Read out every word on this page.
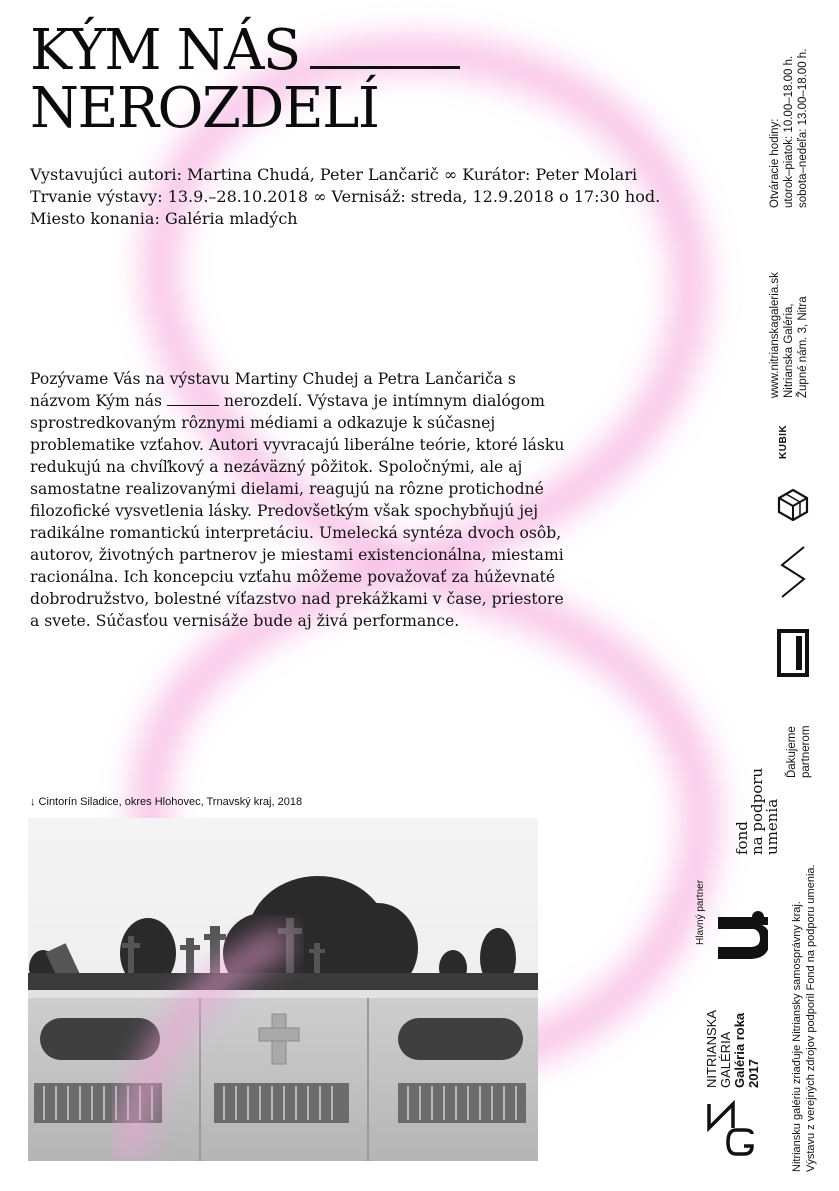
KÝM NÁS
NEROZDELÍ
Vystavujúci autori: Martina Chudá, Peter Lančarič ∞ Kurátor: Peter Molari
Trvanie výstavy: 13.9.–28.10.2018 ∞ Vernisáž: streda, 12.9.2018 o 17:30 hod.
Miesto konania: Galéria mladých

Pozývame Vás na výstavu Martiny Chudej a Petra Lančariča s názvom Kým nás	nerozdelí. Výstava je intímnym dialógom sprostredkovaným rôznymi médiami a odkazuje k súčasnej problematike vzťahov. Autori vyvracajú liberálne teórie, ktoré lásku redukujú na chvíľkový a nezáväzný pôžitok. Spoločnými, ale aj samostatne realizovanými dielami, reagujú na rôzne protichodné filozofické vysvetlenia lásky. Predovšetkým však spochybňujú jej radikálne romantickú interpretáciu. Umelecká syntéza dvoch osôb, autorov, životných partnerov je miestami existencionálna, miestami racionálna. Ich koncepciu vzťahu môžeme považovať za húževnaté dobrodružstvo, bolestné víťazstvo nad prekážkami v čase, priestore a svete. Súčasťou vernisáže bude aj živá performance.

↓ Cintorín Siladice, okres Hlohovec, Trnavský kraj, 2018
Otváracie hodiny: utorok–piatok: 10.00–18.00 h. sobota–nedeľa: 13.00–18.00 h.
www.nitrianskagaleria.sk Nitrianska Galéria, Župné nám. 3, Nitra
KUBIK
Ďakujeme partnerom
Hlavný partner
fond
na podporu
umenia
NITRIANSKA GALÉRIA Galéria roka 2017	Nitriansku galériu zriaďuje Nitriansky samosprávny kraj. Výstavu z verejných zdrojov podporil Fond na podporu umenia.
